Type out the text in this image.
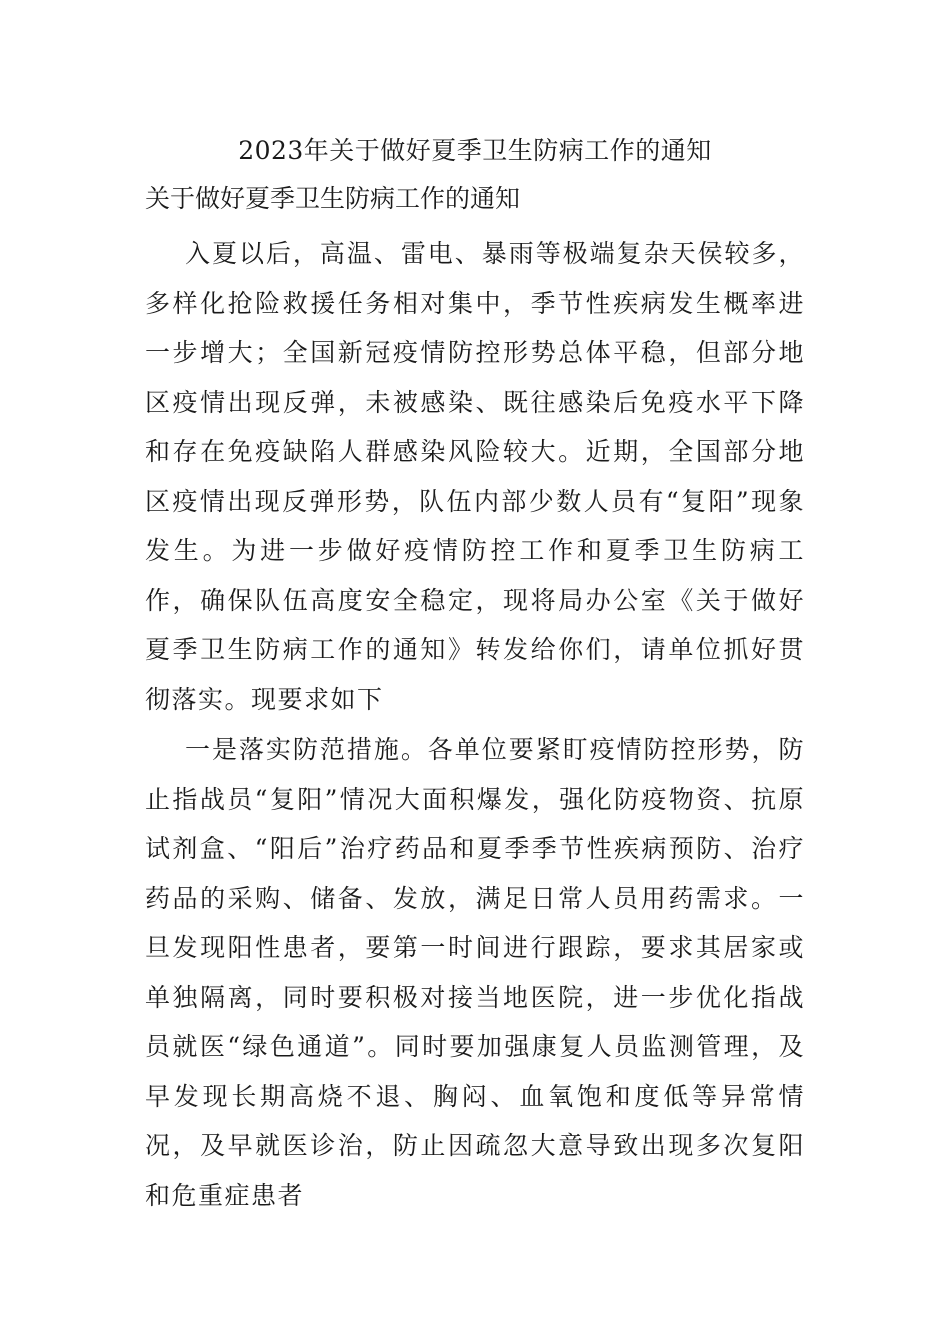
2023年关于做好夏季卫生防病工作的通知
关于做好夏季卫生防病工作的通知
入夏以后，高温、雷电、暴雨等极端复杂天侯较多，多样化抢险救援任务相对集中，季节性疾病发生概率进一步增大；全国新冠疫情防控形势总体平稳，但部分地区疫情出现反弹，未被感染、既往感染后免疫水平下降和存在免疫缺陷人群感染风险较大。近期，全国部分地区疫情出现反弹形势，队伍内部少数人员有“复阳”现象发生。为进一步做好疫情防控工作和夏季卫生防病工作，确保队伍高度安全稳定，现将局办公室《关于做好夏季卫生防病工作的通知》转发给你们，请单位抓好贯彻落实。现要求如下
一是落实防范措施。各单位要紧盯疫情防控形势，防止指战员“复阳”情况大面积爆发，强化防疫物资、抗原试剂盒、“阳后”治疗药品和夏季季节性疾病预防、治疗药品的采购、储备、发放，满足日常人员用药需求。一旦发现阳性患者，要第一时间进行跟踪，要求其居家或单独隔离，同时要积极对接当地医院，进一步优化指战员就医“绿色通道”。同时要加强康复人员监测管理，及早发现长期高烧不退、胸闷、血氧饱和度低等异常情况，及早就医诊治，防止因疏忽大意导致出现多次复阳和危重症患者
